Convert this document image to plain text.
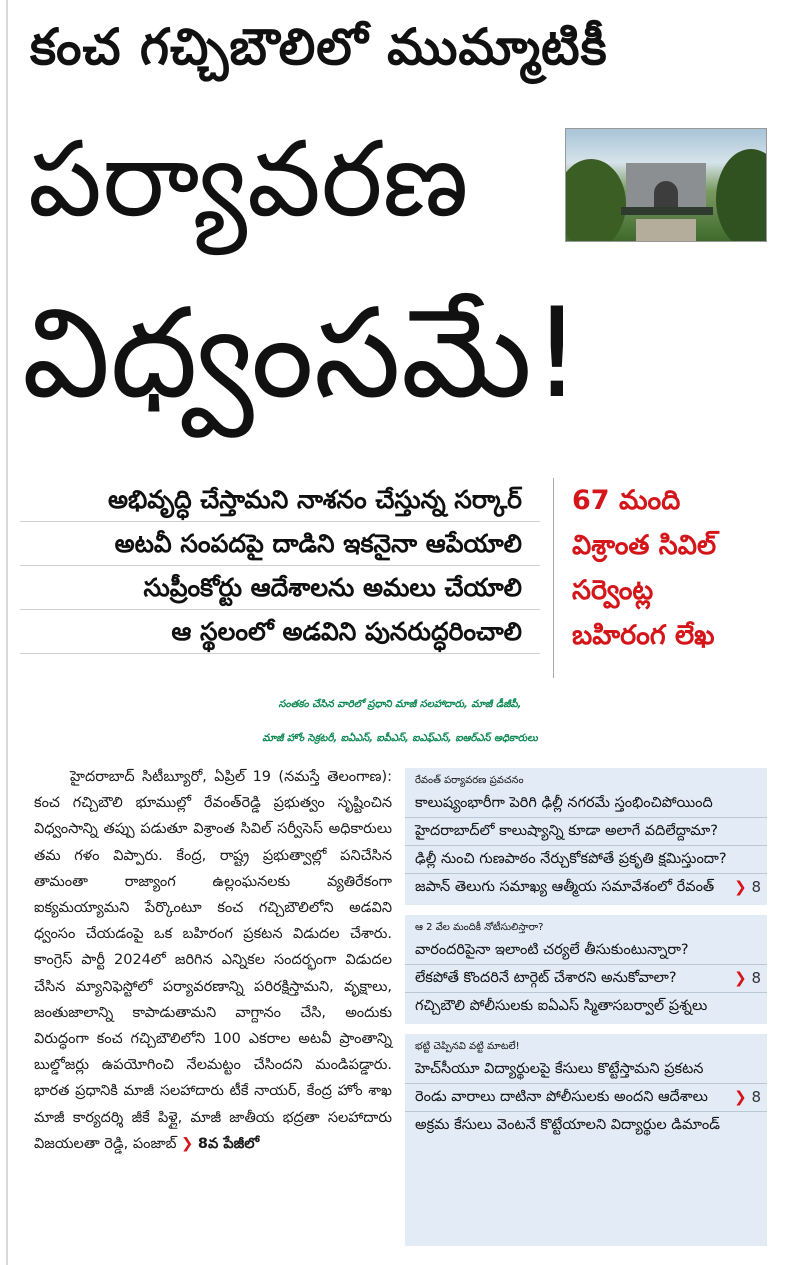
కంచ గచ్చిబౌలిలో ముమ్మాటికీ
పర్యావరణ
విధ్వంసమే!
అభివృద్ధి చేస్తామని నాశనం చేస్తున్న సర్కార్
అటవీ సంపదపై దాడిని ఇకనైనా ఆపేయాలి
సుప్రీంకోర్టు ఆదేశాలను అమలు చేయాలి
ఆ స్థలంలో అడవిని పునరుద్ధరించాలి
67 మంది
విశ్రాంత సివిల్
సర్వెంట్ల
బహిరంగ లేఖ
సంతకం చేసిన వారిలో ప్రధాని మాజీ సలహాదారు, మాజీ డీజీపీ,
మాజీ హోం సెక్రటరీ, ఐఏఎస్‌, ఐపీఎస్‌, ఐఎఫ్‌ఎస్‌, ఐఆర్‌ఎస్‌ అధికారులు
హైదరాబాద్‌ సిటీబ్యూరో, ఏప్రిల్‌ 19 (నమస్తే తెలంగాణ): కంచ గచ్చిబౌలి భూముల్లో రేవంత్‌రెడ్డి ప్రభుత్వం సృష్టించిన విధ్వంసాన్ని తప్పు పడుతూ విశ్రాంత సివిల్‌ సర్వీసెస్‌ అధికారులు తమ గళం విప్పారు. కేంద్ర, రాష్ట్ర ప్రభుత్వాల్లో పనిచేసిన తామంతా రాజ్యాంగ ఉల్లంఘనలకు వ్యతిరేకంగా ఐక్యమయ్యామని పేర్కొంటూ కంచ గచ్చిబౌలిలోని అడవిని ధ్వంసం చేయడంపై ఒక బహిరంగ ప్రకటన విడుదల చేశారు. కాంగ్రెస్‌ పార్టీ 2024లో జరిగిన ఎన్నికల సందర్భంగా విడుదల చేసిన మ్యానిఫెస్టోలో పర్యావరణాన్ని పరిరక్షిస్తామని, వృక్షాలు, జంతుజాలాన్ని కాపాడుతామని వాగ్దానం చేసి, అందుకు విరుద్ధంగా కంచ గచ్చిబౌలిలోని 100 ఎకరాల అటవీ ప్రాంతాన్ని బుల్డోజర్లు ఉపయోగించి నేలమట్టం చేసిందని మండిపడ్డారు. భారత ప్రధానికి మాజీ సలహాదారు టీకే నాయర్‌, కేంద్ర హోం శాఖ మాజీ కార్యదర్శి జీకే పిళ్లై, మాజీ జాతీయ భద్రతా సలహాదారు విజయలతా రెడ్డి, పంజాబ్‌ ❯ 8వ పేజీలో
రేవంత్‌ పర్యావరణ ప్రవచనం
కాలుష్యంభారీగా పెరిగి ఢిల్లీ నగరమే స్తంభించిపోయింది
హైదరాబాద్‌లో కాలుష్యాన్ని కూడా అలాగే వదిలేద్దామా?
ఢిల్లీ నుంచి గుణపాఠం నేర్చుకోకపోతే ప్రకృతి క్షమిస్తుందా?
జపాన్‌ తెలుగు సమాఖ్య ఆత్మీయ సమావేశంలో రేవంత్‌ ❯ 8
ఆ 2 వేల మందికీ నోటీసులిస్తారా?
వారందరిపైనా ఇలాంటి చర్యలే తీసుకుంటున్నారా?
లేకపోతే కొందరినే టార్గెట్‌ చేశారని అనుకోవాలా?	❯ 8
గచ్చిబౌలి పోలీసులకు ఐఏఎస్‌ స్మితాసబర్వాల్‌ ప్రశ్నలు
భట్టి చెప్పినవి వట్టి మాటలే!
హెచ్‌సీయూ విద్యార్థులపై కేసులు కొట్టేస్తామని ప్రకటన
రెండు వారాలు దాటినా పోలీసులకు అందని ఆదేశాలు ❯ 8
అక్రమ కేసులు వెంటనే కొట్టేయాలని విద్యార్థుల డిమాండ్‌
